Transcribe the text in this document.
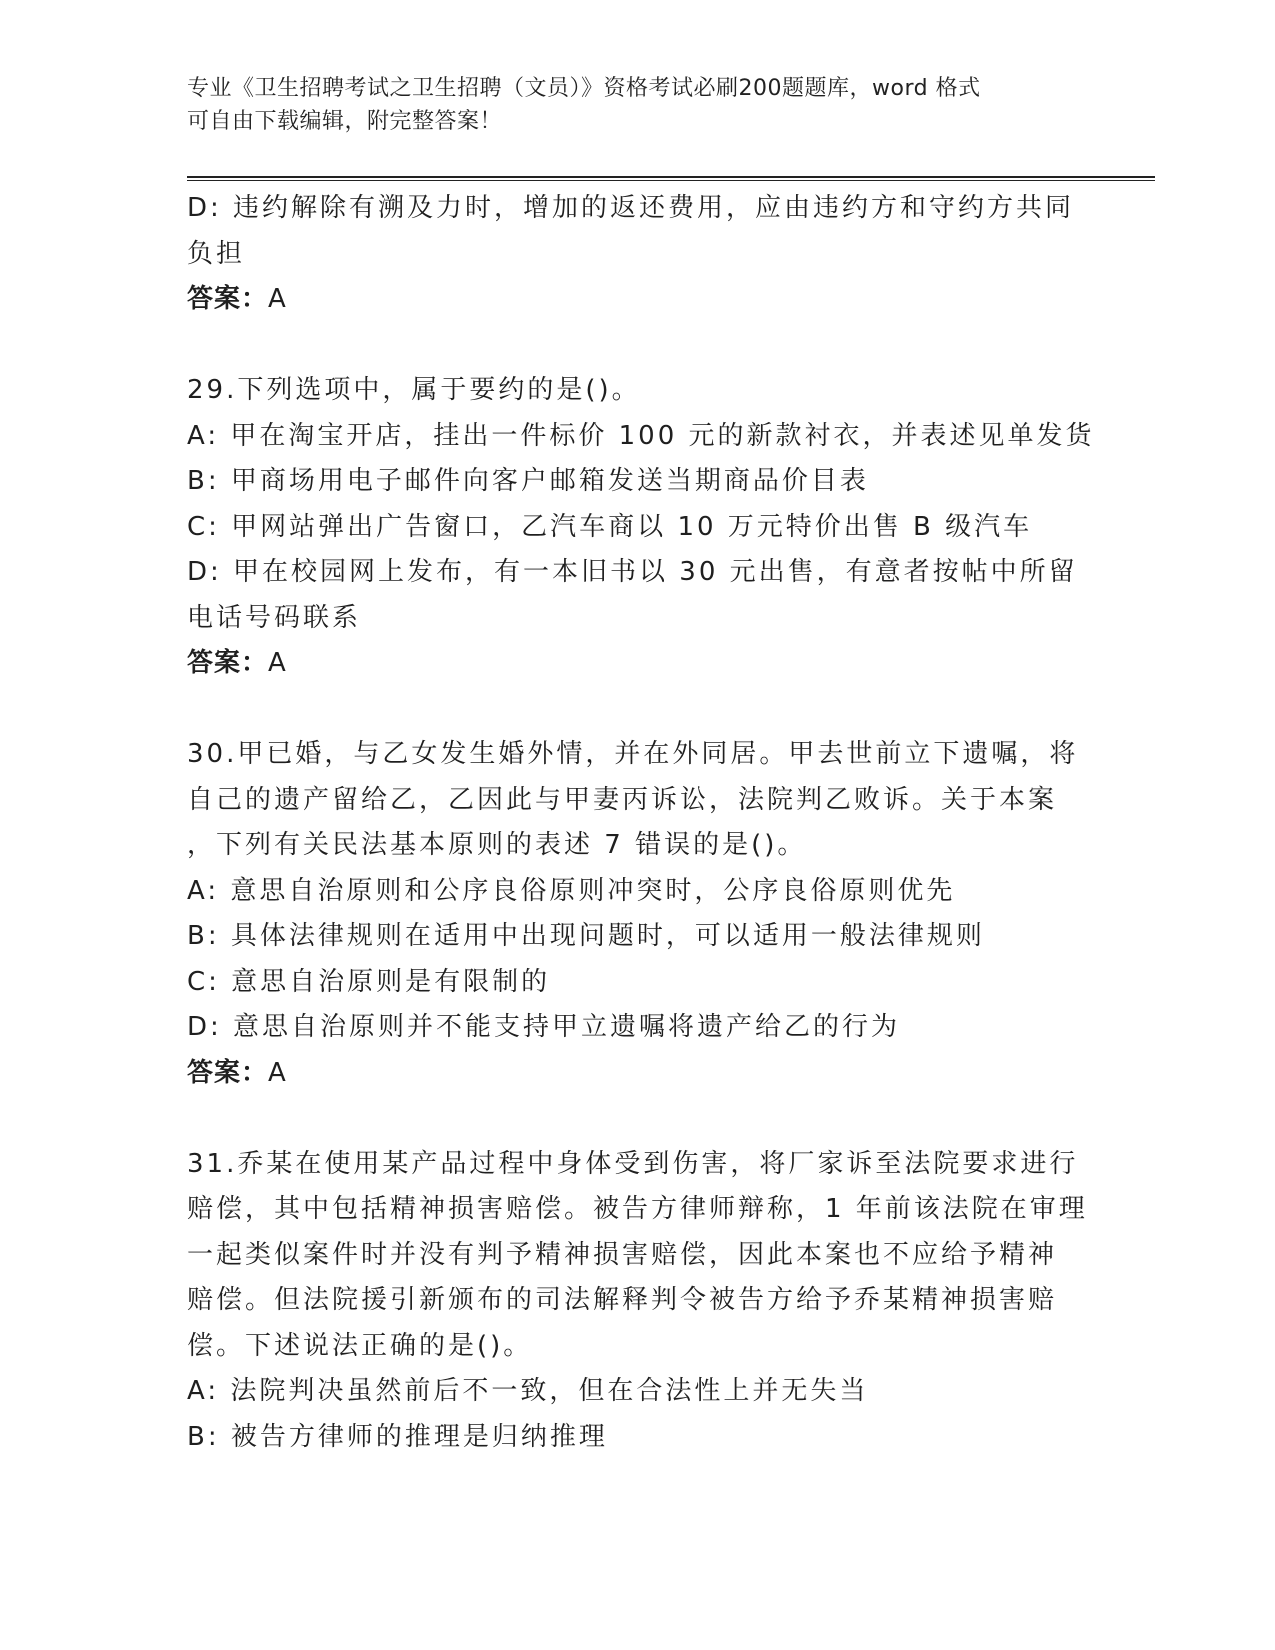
专业《卫生招聘考试之卫生招聘（文员）》资格考试必刷200题题库，word 格式
可自由下载编辑，附完整答案！
D: 违约解除有溯及力时，增加的返还费用，应由违约方和守约方共同
负担
答案：A
29.下列选项中，属于要约的是()。
A: 甲在淘宝开店，挂出一件标价 100 元的新款衬衣，并表述见单发货
B: 甲商场用电子邮件向客户邮箱发送当期商品价目表
C: 甲网站弹出广告窗口，乙汽车商以 10 万元特价出售 B 级汽车
D: 甲在校园网上发布，有一本旧书以 30 元出售，有意者按帖中所留
电话号码联系
答案：A
30.甲已婚，与乙女发生婚外情，并在外同居。甲去世前立下遗嘱，将
自己的遗产留给乙，乙因此与甲妻丙诉讼，法院判乙败诉。关于本案
，下列有关民法基本原则的表述 7 错误的是()。
A: 意思自治原则和公序良俗原则冲突时，公序良俗原则优先
B: 具体法律规则在适用中出现问题时，可以适用一般法律规则
C: 意思自治原则是有限制的
D: 意思自治原则并不能支持甲立遗嘱将遗产给乙的行为
答案：A
31.乔某在使用某产品过程中身体受到伤害，将厂家诉至法院要求进行
赔偿，其中包括精神损害赔偿。被告方律师辩称，1 年前该法院在审理
一起类似案件时并没有判予精神损害赔偿，因此本案也不应给予精神
赔偿。但法院援引新颁布的司法解释判令被告方给予乔某精神损害赔
偿。下述说法正确的是()。
A: 法院判决虽然前后不一致，但在合法性上并无失当
B: 被告方律师的推理是归纳推理
